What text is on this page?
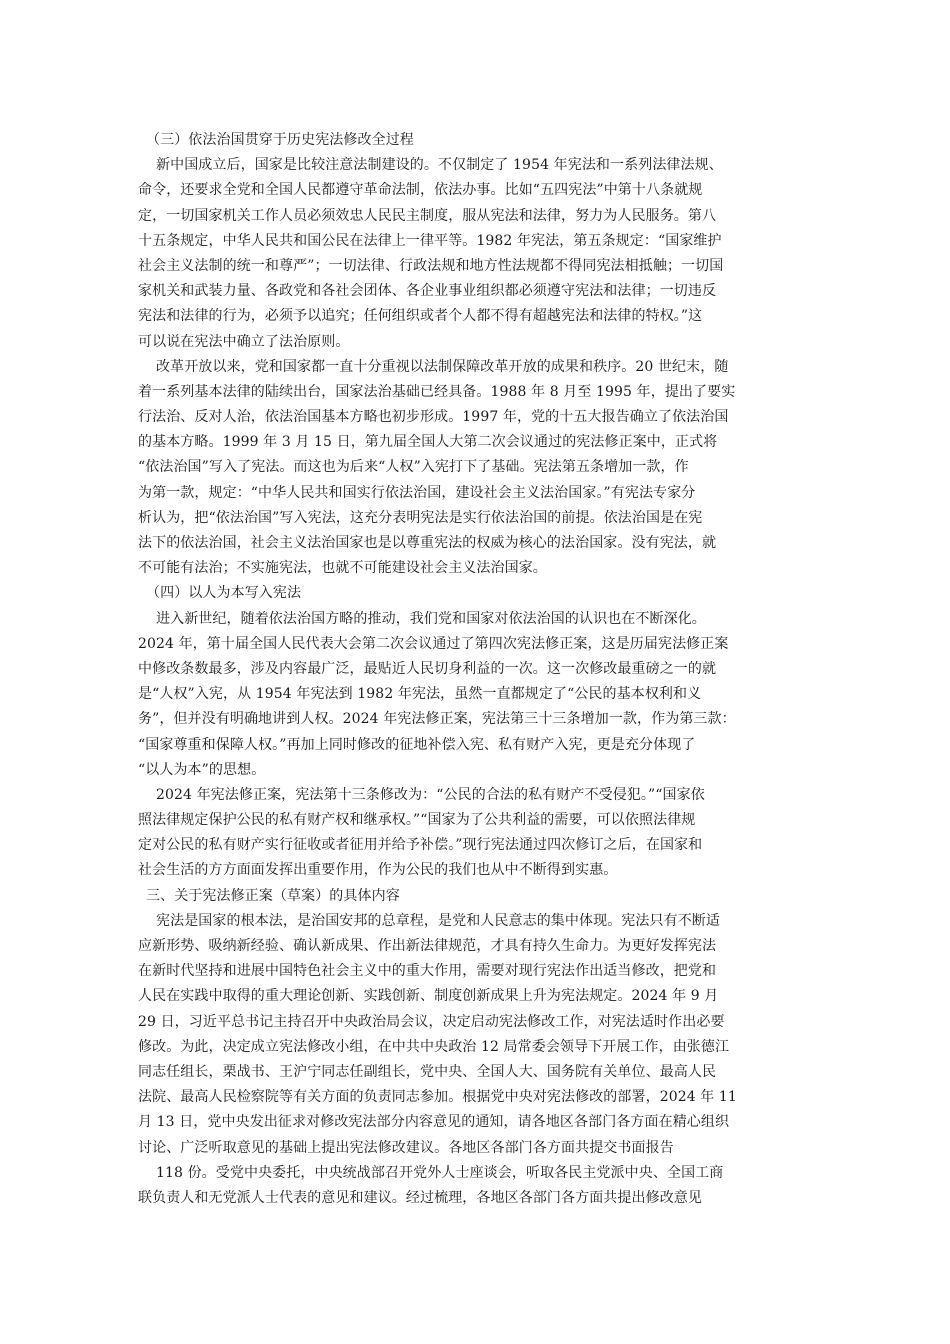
（三）依法治国贯穿于历史宪法修改全过程
新中国成立后，国家是比较注意法制建设的。不仅制定了 1954 年宪法和一系列法律法规、
命令，还要求全党和全国人民都遵守革命法制，依法办事。比如“五四宪法”中第十八条就规
定，一切国家机关工作人员必须效忠人民民主制度，服从宪法和法律，努力为人民服务。第八
十五条规定，中华人民共和国公民在法律上一律平等。1982 年宪法，第五条规定：“国家维护
社会主义法制的统一和尊严”；一切法律、行政法规和地方性法规都不得同宪法相抵触；一切国
家机关和武装力量、各政党和各社会团体、各企业事业组织都必须遵守宪法和法律；一切违反
宪法和法律的行为，必须予以追究；任何组织或者个人都不得有超越宪法和法律的特权。”这
可以说在宪法中确立了法治原则。
改革开放以来，党和国家都一直十分重视以法制保障改革开放的成果和秩序。20 世纪末，随
着一系列基本法律的陆续出台，国家法治基础已经具备。1988 年 8 月至 1995 年，提出了要实
行法治、反对人治，依法治国基本方略也初步形成。1997 年，党的十五大报告确立了依法治国
的基本方略。1999 年 3 月 15 日，第九届全国人大第二次会议通过的宪法修正案中，正式将
“依法治国”写入了宪法。而这也为后来“人权”入宪打下了基础。宪法第五条增加一款，作
为第一款，规定：“中华人民共和国实行依法治国，建设社会主义法治国家。”有宪法专家分
析认为，把“依法治国”写入宪法，这充分表明宪法是实行依法治国的前提。依法治国是在宪
法下的依法治国，社会主义法治国家也是以尊重宪法的权威为核心的法治国家。没有宪法，就
不可能有法治；不实施宪法，也就不可能建设社会主义法治国家。
（四）以人为本写入宪法
进入新世纪，随着依法治国方略的推动，我们党和国家对依法治国的认识也在不断深化。
2024 年，第十届全国人民代表大会第二次会议通过了第四次宪法修正案，这是历届宪法修正案
中修改条数最多，涉及内容最广泛，最贴近人民切身利益的一次。这一次修改最重磅之一的就
是“人权”入宪，从 1954 年宪法到 1982 年宪法，虽然一直都规定了“公民的基本权利和义
务”，但并没有明确地讲到人权。2024 年宪法修正案，宪法第三十三条增加一款，作为第三款：
“国家尊重和保障人权。”再加上同时修改的征地补偿入宪、私有财产入宪，更是充分体现了
“以人为本”的思想。
2024 年宪法修正案，宪法第十三条修改为：“公民的合法的私有财产不受侵犯。”“国家依
照法律规定保护公民的私有财产权和继承权。”“国家为了公共利益的需要，可以依照法律规
定对公民的私有财产实行征收或者征用并给予补偿。”现行宪法通过四次修订之后，在国家和
社会生活的方方面面发挥出重要作用，作为公民的我们也从中不断得到实惠。
三、关于宪法修正案（草案）的具体内容
宪法是国家的根本法，是治国安邦的总章程，是党和人民意志的集中体现。宪法只有不断适
应新形势、吸纳新经验、确认新成果、作出新法律规范，才具有持久生命力。为更好发挥宪法
在新时代坚持和进展中国特色社会主义中的重大作用，需要对现行宪法作出适当修改，把党和
人民在实践中取得的重大理论创新、实践创新、制度创新成果上升为宪法规定。2024 年 9 月
29 日，习近平总书记主持召开中央政治局会议，决定启动宪法修改工作，对宪法适时作出必要
修改。为此，决定成立宪法修改小组，在中共中央政治 12 局常委会领导下开展工作，由张德江
同志任组长，栗战书、王沪宁同志任副组长，党中央、全国人大、国务院有关单位、最高人民
法院、最高人民检察院等有关方面的负责同志参加。根据党中央对宪法修改的部署，2024 年 11
月 13 日，党中央发出征求对修改宪法部分内容意见的通知，请各地区各部门各方面在精心组织
讨论、广泛听取意见的基础上提出宪法修改建议。各地区各部门各方面共提交书面报告
118 份。受党中央委托，中央统战部召开党外人士座谈会，听取各民主党派中央、全国工商
联负责人和无党派人士代表的意见和建议。经过梳理，各地区各部门各方面共提出修改意见
